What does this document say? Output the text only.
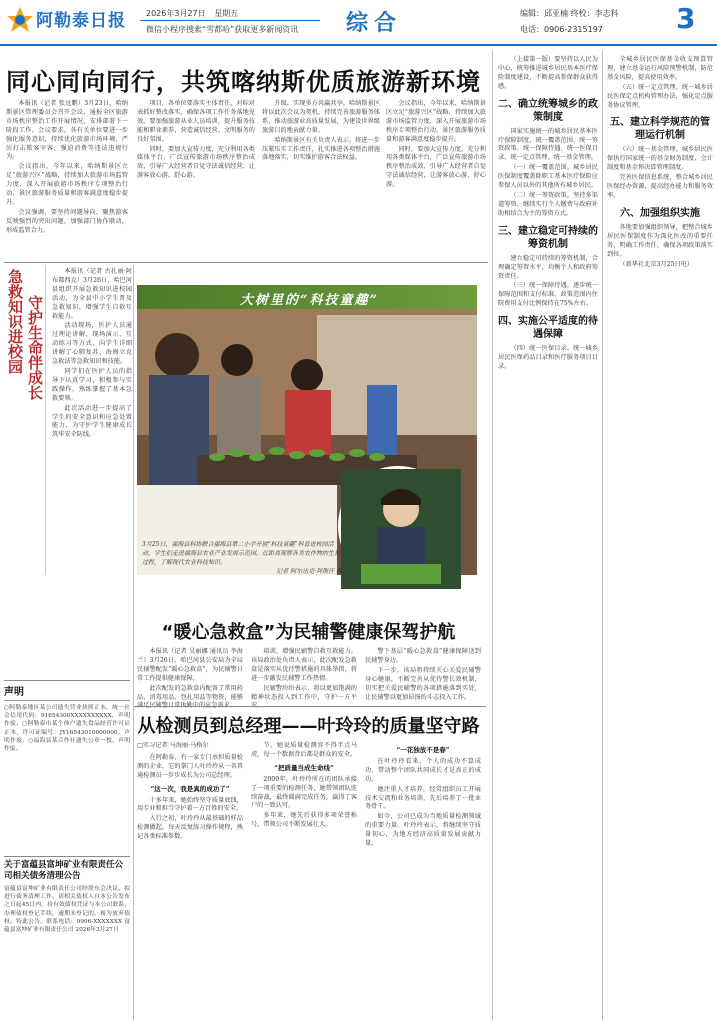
阿勒泰日报	2026年3月27日 星期五
微信小程序搜索“雪都哈”获取更多新闻资讯 综合	编辑：邱亚楠 终校：李志科
电话：0906-2315197	3
同心同向同行，共筑喀纳斯优质旅游新环境

本报讯（记者 张远鹏）3月23日，哈纳斯景区管理委员会召开会议，通报全区旅游市场秩序整治工作开展情况，安排部署下一阶段工作。会议要求，各有关单位要进一步强化服务意识，持续优化旅游市场环境，严厉打击欺客宰客、强迫消费等违法违规行为。

会议指出，今年以来，哈纳斯景区立足“旅游兴区”战略，持续加大旅游市场监管力度，深入开展旅游市场秩序专项整治行动，景区旅游服务质量和游客满意度稳步提升。

会议强调，要坚持问题导向，聚焦游客反映强烈的突出问题，加强部门协作联动，形成监管合力。

项目，各单位要落实主体责任，对标对表抓好整改落实，确保各项工作任务落地见效。要加强旅游从业人员培训，提升服务技能和职业素养，营造诚信经营、文明服务的良好氛围。

同时，要加大宣传力度，充分利用各类媒体平台，广泛宣传旅游市场秩序整治成效，引导广大经营者自觉守法诚信经营，让游客放心游、舒心游。

升级，实现多方共赢共享。哈纳斯景区将以此次会议为契机，持续完善旅游服务体系，推动旅游业高质量发展，为建设世界级旅游目的地贡献力量。

哈纳斯景区有关负责人表示，将进一步压紧压实工作责任，扎实推进各项整治措施落地落实，切实维护游客合法权益。

会议指出，今年以来，哈纳斯景区立足“旅游兴区”战略，持续加大旅游市场监管力度，深入开展旅游市场秩序专项整治行动，景区旅游服务质量和游客满意度稳步提升。

同时，要加大宣传力度，充分利用各类媒体平台，广泛宣传旅游市场秩序整治成效，引导广大经营者自觉守法诚信经营，让游客放心游、舒心游。

急救知识进校园 守护生命伴成长

本报讯（记者 古扎丽·阿布都西克）3月26日，哈巴河县组织开展急救知识进校园活动，为全县中小学生普及急救知识，增强学生自救互救能力。

活动现场，医护人员通过理论讲解、现场演示、互动练习等方式，向学生详细讲解了心肺复苏、海姆立克急救法等急救知识和技能。

同学们在医护人员的指导下认真学习，积极参与实践操作，熟练掌握了基本急救要领。

此次活动进一步提高了学生的安全意识和应急处置能力，为守护学生健康成长筑牢安全防线。

大树里的“科技童趣”
3月25日，福海县科协联合福海县第二小学开展“科技童趣”科普进校园活动，学生们走进福海县农业产业发展示范园，近距离观察各类农作物的生长过程，了解现代农业科技知识。
记者 阿尔达克·拜斯汗 摄
“暖心急救盒”为民辅警健康保驾护航

本报讯（记者 吴丽娜 通讯员 李海兰）3月26日，哈巴河县公安局为全局民辅警配发“暖心急救盒”，为民辅警日常工作提供健康保障。

此次配发的急救盒内配备了常用药品、消毒用品、包扎用品等物资，能够

培训，增强民辅警自救互救能力。该局政治处负责人表示，此次配发急救盒是落实从优待警措施的具体举措，将进一步激发民辅警工作热情。

民辅警纷纷表示，将以更加饱满的精神状态投入到工作中，守护一方平

警下基层“暖心急救盒”健康保障送到民辅警身边。

下一步，该局将持续关心关爱民辅警身心健康，不断完善从优待警长效机制，切实把关爱民辅警的各项措施落到实处，让民辅警以更加昂扬的斗志投入工作。

从检测员到总经理——叶玲玲的质量坚守路
□实习记者 马海丽·马格尔

在阿勒泰，有一家专门承担质量检测的企业，它的掌门人叶玲玲从一名普通检测员一步步成长为公司总经理。

“这一次，我是真的成功了”

十多年来，她始终坚守质量底线，用专业和担当守护着一方百姓的安全。

入行之初，叶玲玲从最基础的样品检测做起，每天反复练习操作规程，熟记各类标准参数。

节，她说质量检测容不得半点马虎，每一个数据背后都是群众的安全。

“把质量当成生命线”

2009年，叶玲玲所在的团队承接了一项重要的检测任务，她带领团队连续奋战，最终圆满完成任务，赢得了客户的一致认可。

多年来，她先后获得多项荣誉称号，带领公司不断发展壮大。

“一花独放不是春”

在叶玲玲看来，个人的成功不算成功，带动整个团队共同成长才是真正的成功。

她注重人才培养，经常组织员工开展技术交流和业务培训，先后培养了一批业务骨干。

如今，公司已成为当地质量检测领域的重要力量。叶玲玲表示，将继续坚守质量初心，为地方经济高质量发展贡献力量。

（上接第一版）要坚持以人民为中心，统筹推进城乡居民基本医疗保险制度建设，不断提高参保群众获得感。

二、确立统筹城乡的政策制度

国家实施统一的城乡居民基本医疗保险制度，统一覆盖范围、统一筹资政策、统一保障待遇、统一医保目录、统一定点管理、统一基金管理。

（一）统一覆盖范围。城乡居民医保制度覆盖除职工基本医疗保险应参保人员以外的其他所有城乡居民。

（二）统一筹资政策。坚持多渠道筹资，继续实行个人缴费与政府补助相结合为主的筹资方式。

三、建立稳定可持续的筹资机制

建立稳定可持续的筹资机制，合理确定筹资水平，均衡个人和政府筹资责任。

（三）统一保障待遇。逐步统一保障范围和支付标准，政策范围内住院费用支付比例保持在75%左右。

四、实施公平适度的待遇保障

（四）统一医保目录。统一城乡居民医保药品目录和医疗服务项目目录。

全城乡居民医保基金收支预算管理，建立基金运行风险预警机制，防范基金风险，提高使用效率。

（五）统一定点管理。统一城乡居民医保定点机构管理办法，强化定点服务协议管理。

五、建立科学规范的管理运行机制

（六）统一基金管理。城乡居民医保执行国家统一的基金财务制度、会计制度和基金预决算管理制度。

完善医保信息系统，整合城乡居民医保经办资源，提高经办能力和服务效率。

六、加强组织实施

各地要加强组织领导，把整合城乡居民医保制度作为深化医改的重要任务，明确工作责任，确保各项政策落实到位。

（新华社北京3月25日电）

声明
○阿勒泰地区某公司遗失营业执照正本，统一社会信用代码：91654300XXXXXXXXXX，声明作废。○阿勒泰市某个体户遗失食品经营许可证正本，许可证编号：JY16543010000000，声明作废。○福海县某合作社遗失公章一枚，声明作废。
关于富蕴县富坤矿业有限责任公司相关债务清理公告
富蕴县富坤矿业有限责任公司经股东会决议，拟进行债务清理工作。请相关债权人自本公告发布之日起45日内，持有效债权凭证与本公司联系，办理债权登记手续。逾期未登记的，视为放弃债权。特此公告。联系电话：0906-XXXXXXX 富蕴县富坤矿业有限责任公司 2026年3月27日
